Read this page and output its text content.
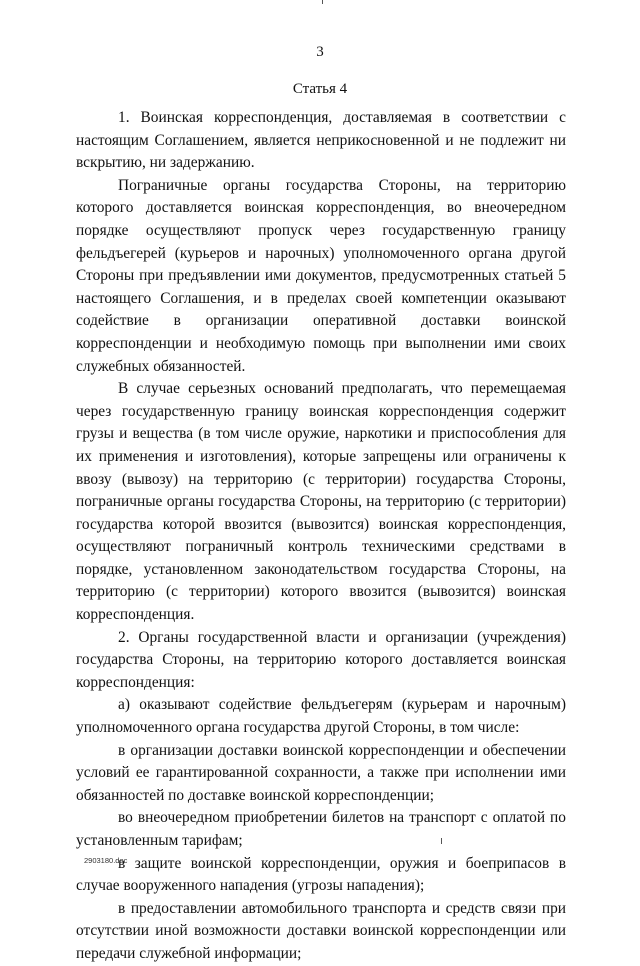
3
Статья 4

1. Воинская корреспонденция, доставляемая в соответствии с настоящим Соглашением, является неприкосновенной и не подлежит ни вскрытию, ни задержанию.

Пограничные органы государства Стороны, на территорию которого доставляется воинская корреспонденция, во внеочередном порядке осуществляют пропуск через государственную границу фельдъегерей (курьеров и нарочных) уполномоченного органа другой Стороны при предъявлении ими документов, предусмотренных статьей 5 настоящего Соглашения, и в пределах своей компетенции оказывают содействие в организации оперативной доставки воинской корреспонденции и необходимую помощь при выполнении ими своих служебных обязанностей.

В случае серьезных оснований предполагать, что перемещаемая через государственную границу воинская корреспонденция содержит грузы и вещества (в том числе оружие, наркотики и приспособления для их применения и изготовления), которые запрещены или ограничены к ввозу (вывозу) на территорию (с территории) государства Стороны, пограничные органы государства Стороны, на территорию (с территории) государства которой ввозится (вывозится) воинская корреспонденция, осуществляют пограничный контроль техническими средствами в порядке, установленном законодательством государства Стороны, на территорию (с территории) которого ввозится (вывозится) воинская корреспонденция.

2. Органы государственной власти и организации (учреждения) государства Стороны, на территорию которого доставляется воинская корреспонденция:

а) оказывают содействие фельдъегерям (курьерам и нарочным) уполномоченного органа государства другой Стороны, в том числе:

в организации доставки воинской корреспонденции и обеспечении условий ее гарантированной сохранности, а также при исполнении ими обязанностей по доставке воинской корреспонденции;

во внеочередном приобретении билетов на транспорт с оплатой по установленным тарифам;

в защите воинской корреспонденции, оружия и боеприпасов в случае вооруженного нападения (угрозы нападения);

в предоставлении автомобильного транспорта и средств связи при отсутствии иной возможности доставки воинской корреспонденции или передачи служебной информации;

2903180.doc
